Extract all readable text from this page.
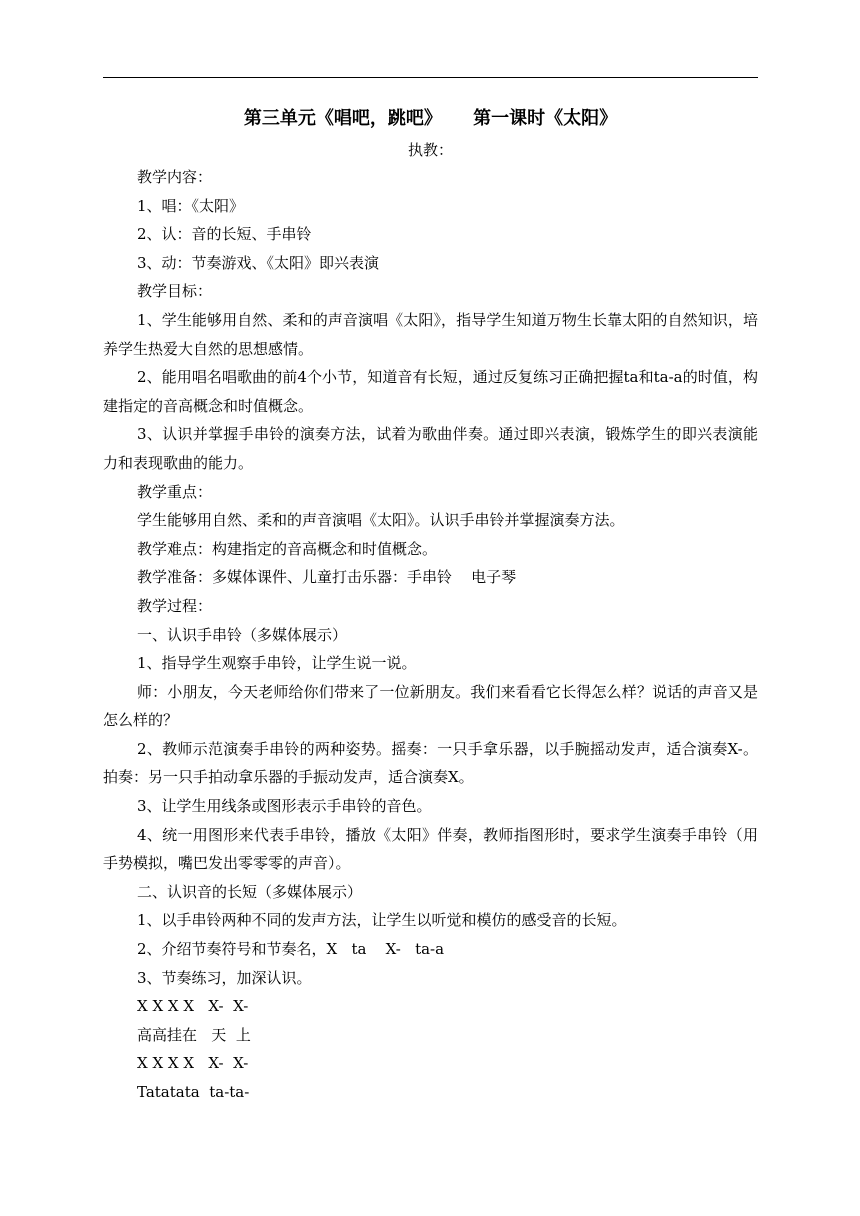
第三单元《唱吧，跳吧》     第一课时《太阳》
执教：

教学内容：

1、唱：《太阳》

2、认：音的长短、手串铃

3、动：节奏游戏、《太阳》即兴表演

教学目标：

1、学生能够用自然、柔和的声音演唱《太阳》，指导学生知道万物生长靠太阳的自然知识，培养学生热爱大自然的思想感情。

2、能用唱名唱歌曲的前4个小节，知道音有长短，通过反复练习正确把握ta和ta-a的时值，构建指定的音高概念和时值概念。

3、认识并掌握手串铃的演奏方法，试着为歌曲伴奏。通过即兴表演，锻炼学生的即兴表演能力和表现歌曲的能力。

教学重点：

学生能够用自然、柔和的声音演唱《太阳》。认识手串铃并掌握演奏方法。

教学难点：构建指定的音高概念和时值概念。

教学准备：多媒体课件、儿童打击乐器：手串铃    电子琴

教学过程：

一、认识手串铃（多媒体展示）

1、指导学生观察手串铃，让学生说一说。

师：小朋友，今天老师给你们带来了一位新朋友。我们来看看它长得怎么样？说话的声音又是怎么样的？

2、教师示范演奏手串铃的两种姿势。摇奏：一只手拿乐器，以手腕摇动发声，适合演奏X-。拍奏：另一只手拍动拿乐器的手振动发声，适合演奏X。

3、让学生用线条或图形表示手串铃的音色。

4、统一用图形来代表手串铃，播放《太阳》伴奏，教师指图形时，要求学生演奏手串铃（用手势模拟，嘴巴发出零零零的声音）。

二、认识音的长短（多媒体展示）

1、以手串铃两种不同的发声方法，让学生以听觉和模仿的感受音的长短。

2、介绍节奏符号和节奏名，X   ta    X-   ta-a

3、节奏练习，加深认识。

X X X X   X-  X-

高高挂在   天  上

X X X X   X-  X-

Tatatata  ta-ta-
